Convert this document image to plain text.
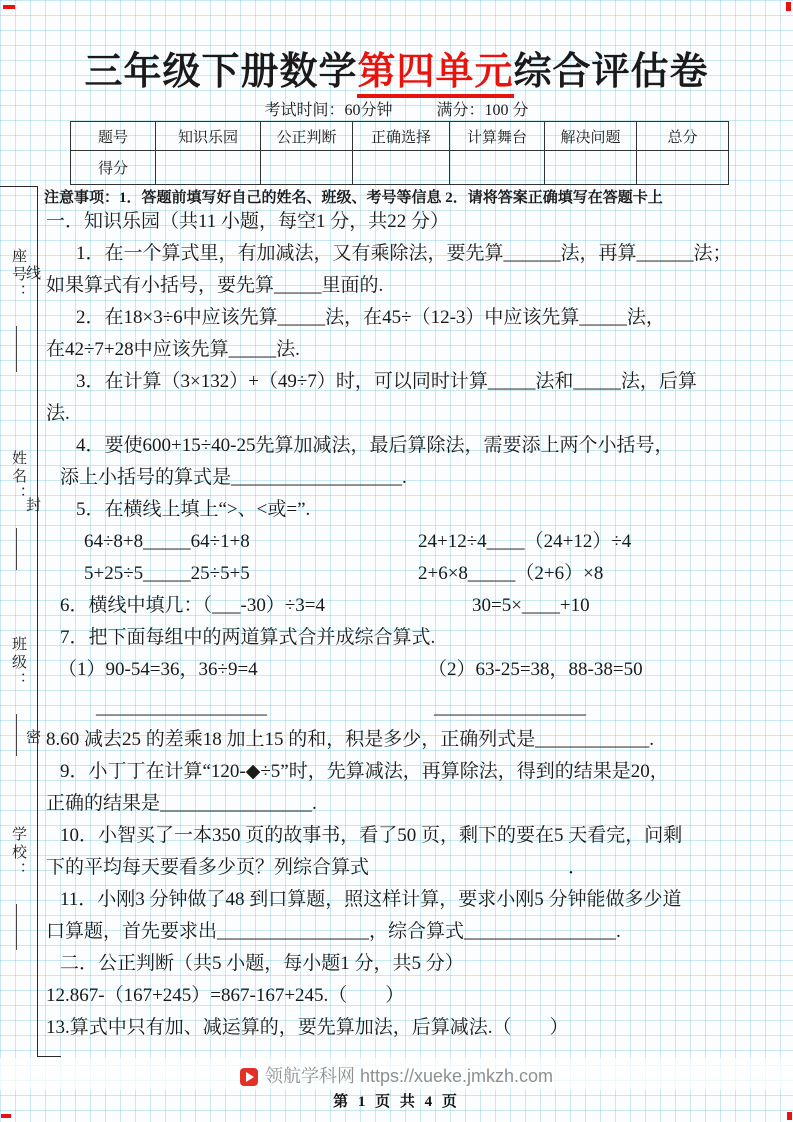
座号： 线
姓名：
封
班级：
密
学校：
三年级下册数学第四单元综合评估卷
考试时间：60分钟	满分：100 分
题号	知识乐园	公正判断	正确选择	计算舞台	解决问题	总分
得分						
注意事项：1．答题前填写好自己的姓名、班级、考号等信息 2．请将答案正确填写在答题卡上
一．知识乐园（共11 小题，每空1 分，共22 分）
1．在一个算式里，有加减法，又有乘除法，要先算______法，再算______法；
如果算式有小括号，要先算_____里面的.
2．在18×3÷6中应该先算_____法，在45÷（12-3）中应该先算_____法，
在42÷7+28中应该先算_____法.
3．在计算（3×132）+（49÷7）时，可以同时计算_____法和_____法，后算
法.
4．要使600+15÷40-25先算加减法，最后算除法，需要添上两个小括号，
添上小括号的算式是__________________.
5．在横线上填上“>、<或=”.
64÷8+8_____64÷1+8	24+12÷4____（24+12）÷4
5+25÷5_____25÷5+5	2+6×8_____（2+6）×8
6．横线中填几：（___-30）÷3=4	30=5×____+10
7．把下面每组中的两道算式合并成综合算式.
（1）90-54=36，36÷9=4	（2）63-25=38，88-38=50
__________________	________________
8.60 减去25 的差乘18 加上15 的和，积是多少，正确列式是____________.
9．小丁丁在计算“120-◆÷5”时，先算减法，再算除法，得到的结果是20，
正确的结果是________________.
10．小智买了一本350 页的故事书，看了50 页，剩下的要在5 天看完，问剩
下的平均每天要看多少页？列综合算式	．
11．小刚3 分钟做了48 到口算题，照这样计算，要求小刚5 分钟能做多少道
口算题，首先要求出________________，综合算式________________.
二．公正判断（共5 小题，每小题1 分，共5 分）
12.867-（167+245）=867-167+245.（　　）
13.算式中只有加、减运算的，要先算加法，后算减法.（　　）
领航学科网 https://xueke.jmkzh.com
第 1 页 共 4 页
